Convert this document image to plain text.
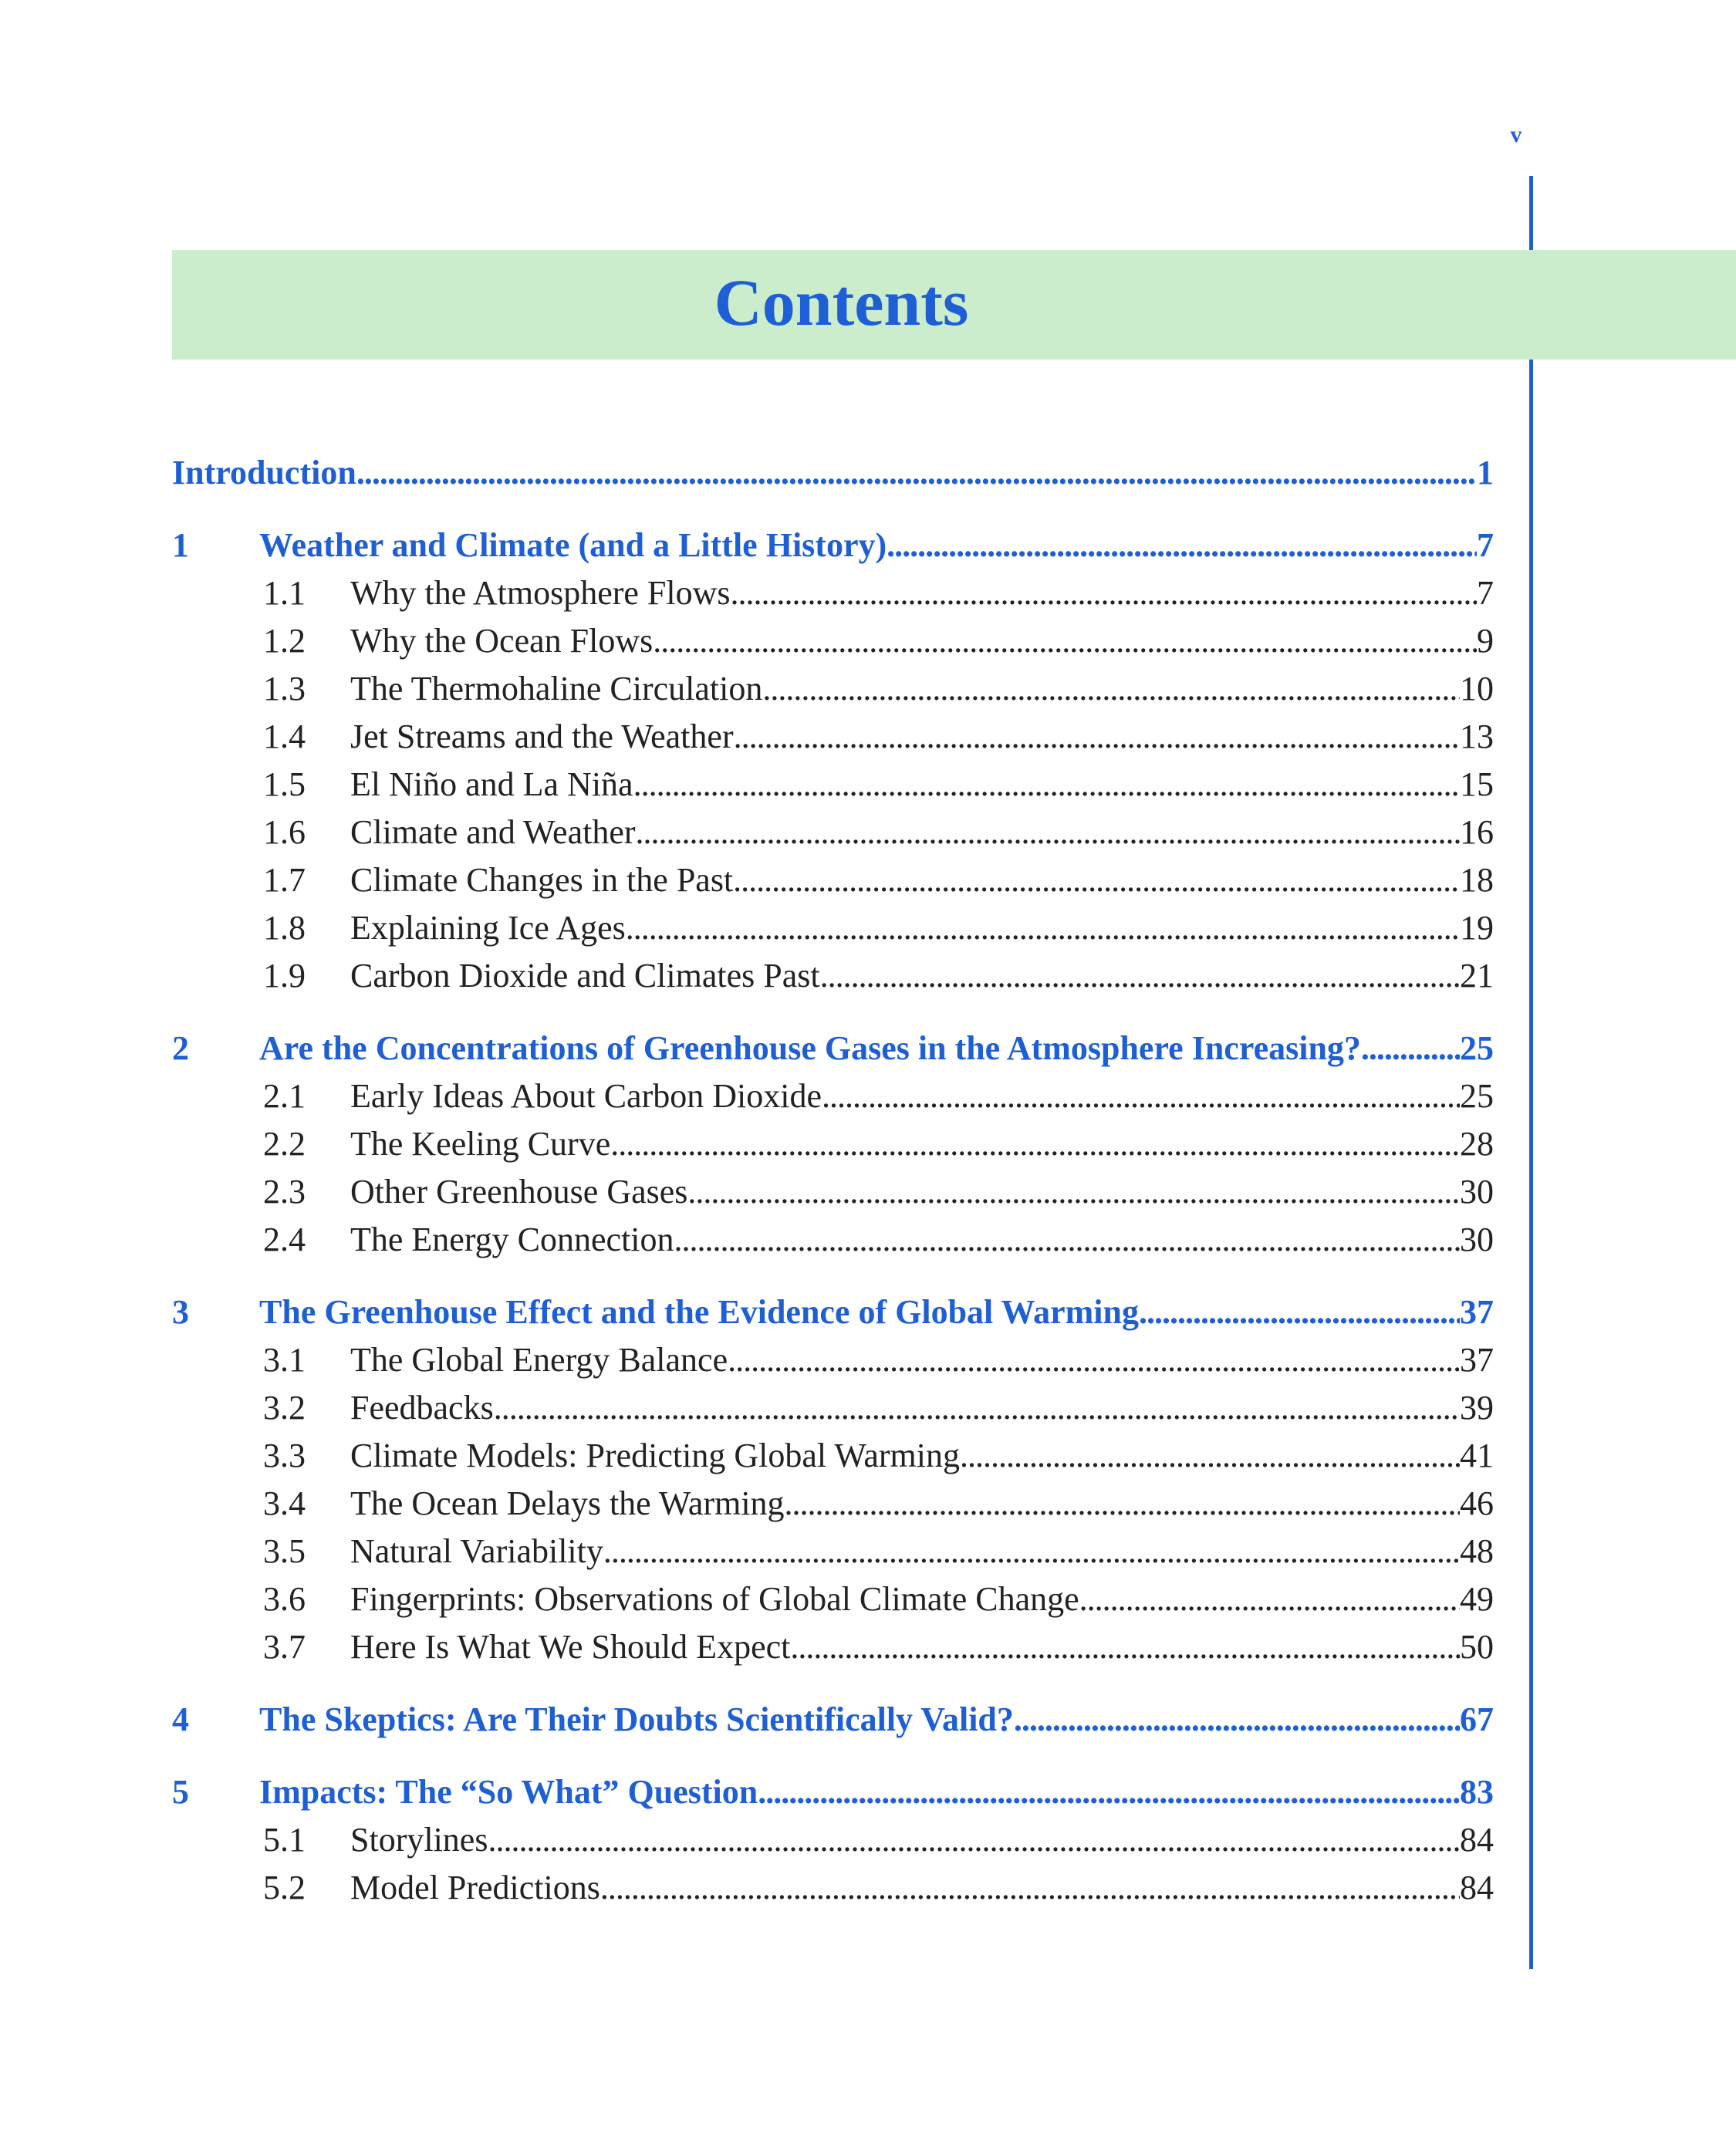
v
Contents
Introduction . . .	1
1 Weather and Climate (and a Little History) . . .	7
1.1 Why the Atmosphere Flows . . .	7
1.2 Why the Ocean Flows . . .	9
1.3 The Thermohaline Circulation . . .	10
1.4 Jet Streams and the Weather . . .	13
1.5 El Niño and La Niña . . .	15
1.6 Climate and Weather . . .	16
1.7 Climate Changes in the Past . . .	18
1.8 Explaining Ice Ages . . .	19
1.9 Carbon Dioxide and Climates Past . . .	21
2 Are the Concentrations of Greenhouse Gases in the Atmosphere Increasing? . . .	25
2.1 Early Ideas About Carbon Dioxide . . .	25
2.2 The Keeling Curve . . .	28
2.3 Other Greenhouse Gases . . .	30
2.4 The Energy Connection . . .	30
3 The Greenhouse Effect and the Evidence of Global Warming . . .	37
3.1 The Global Energy Balance . . .	37
3.2 Feedbacks . . .	39
3.3 Climate Models: Predicting Global Warming . . .	41
3.4 The Ocean Delays the Warming . . .	46
3.5 Natural Variability . . .	48
3.6 Fingerprints: Observations of Global Climate Change . . .	49
3.7 Here Is What We Should Expect . . .	50
4 The Skeptics: Are Their Doubts Scientifically Valid? . . .	67
5 Impacts: The “So What” Question . . .	83
5.1 Storylines . . .	84
5.2 Model Predictions . . .	84
